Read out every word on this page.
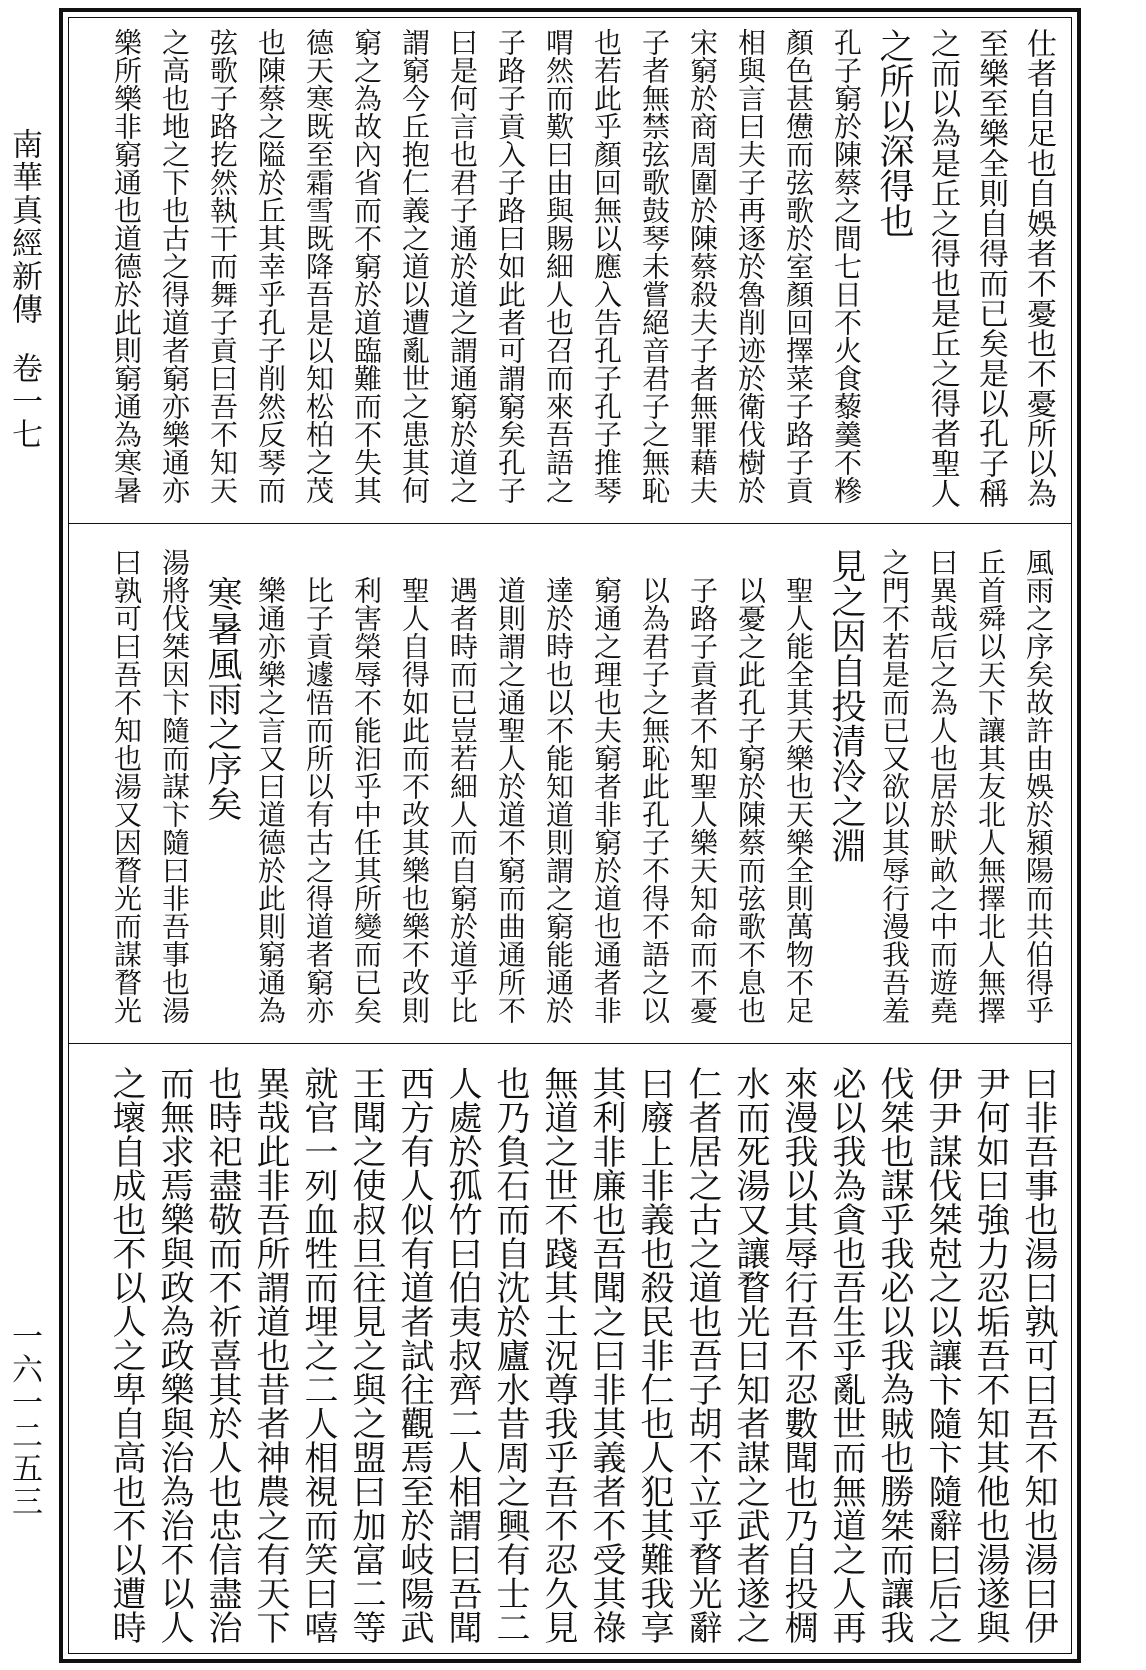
南華真經新傳卷一七
一六一二五三
仕者自足也自娛者不憂也不憂所以為
至樂至樂全則自得而已矣是以孔子稱
之而以為是丘之得也是丘之得者聖人
之所以深得也
孔子窮於陳蔡之間七日不火食藜羹不糝
顏色甚憊而弦歌於室顏回擇菜子路子貢
相與言曰夫子再逐於魯削迹於衛伐樹於
宋窮於商周圍於陳蔡殺夫子者無罪藉夫
子者無禁弦歌鼓琴未嘗絕音君子之無恥
也若此乎顏回無以應入告孔子孔子推琴
喟然而歎曰由與賜細人也召而來吾語之
子路子貢入子路曰如此者可謂窮矣孔子
曰是何言也君子通於道之謂通窮於道之
謂窮今丘抱仁義之道以遭亂世之患其何
窮之為故內省而不窮於道臨難而不失其
德天寒既至霜雪既降吾是以知松柏之茂
也陳蔡之隘於丘其幸乎孔子削然反琴而
弦歌子路扢然執干而舞子貢曰吾不知天
之高也地之下也古之得道者窮亦樂通亦
樂所樂非窮通也道德於此則窮通為寒暑
風雨之序矣故許由娛於潁陽而共伯得乎
丘首舜以天下讓其友北人無擇北人無擇
曰異哉后之為人也居於畎畝之中而遊堯
之門不若是而已又欲以其辱行漫我吾羞
見之因自投清泠之淵
聖人能全其天樂也天樂全則萬物不足
以憂之此孔子窮於陳蔡而弦歌不息也
子路子貢者不知聖人樂天知命而不憂
以為君子之無恥此孔子不得不語之以
窮通之理也夫窮者非窮於道也通者非
達於時也以不能知道則謂之窮能通於
道則謂之通聖人於道不窮而曲通所不
遇者時而已豈若細人而自窮於道乎比
聖人自得如此而不改其樂也樂不改則
利害榮辱不能汩乎中任其所變而已矣
比子貢遽悟而所以有古之得道者窮亦
樂通亦樂之言又曰道德於此則窮通為
寒暑風雨之序矣
湯將伐桀因卞隨而謀卞隨曰非吾事也湯
曰孰可曰吾不知也湯又因瞀光而謀瞀光
曰非吾事也湯曰孰可曰吾不知也湯曰伊
尹何如曰強力忍垢吾不知其他也湯遂與
伊尹謀伐桀尅之以讓卞隨卞隨辭曰后之
伐桀也謀乎我必以我為賊也勝桀而讓我
必以我為貪也吾生乎亂世而無道之人再
來漫我以其辱行吾不忍數聞也乃自投椆
水而死湯又讓瞀光曰知者謀之武者遂之
仁者居之古之道也吾子胡不立乎瞀光辭
曰廢上非義也殺民非仁也人犯其難我享
其利非廉也吾聞之曰非其義者不受其祿
無道之世不踐其土況尊我乎吾不忍久見
也乃負石而自沈於廬水昔周之興有士二
人處於孤竹曰伯夷叔齊二人相謂曰吾聞
西方有人似有道者試往觀焉至於岐陽武
王聞之使叔旦往見之與之盟曰加富二等
就官一列血牲而埋之二人相視而笑曰嘻
異哉此非吾所謂道也昔者神農之有天下
也時祀盡敬而不祈喜其於人也忠信盡治
而無求焉樂與政為政樂與治為治不以人
之壞自成也不以人之卑自高也不以遭時
